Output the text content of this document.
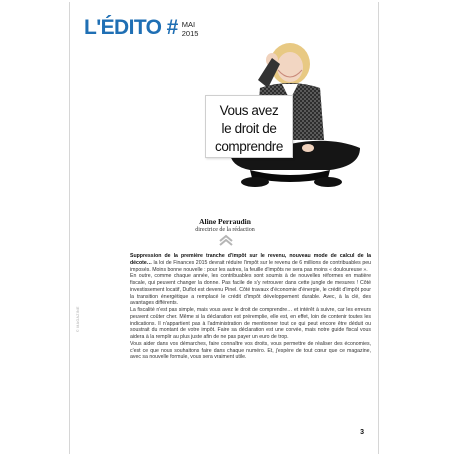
L'ÉDITO # MAI
2015
Vous avez
le droit de
comprendre
Aline Perraudin
directrice de la rédaction

Suppression de la première tranche d'impôt sur le revenu, nouveau mode de calcul de la décote… la loi de Finances 2015 devrait réduire l'impôt sur le revenu de 6 millions de contribuables peu imposés. Moins bonne nouvelle : pour les autres, la feuille d'impôts ne sera pas moins « douloureuse ».

En outre, comme chaque année, les contribuables sont soumis à de nouvelles réformes en matière fiscale, qui peuvent changer la donne. Pas facile de s'y retrouver dans cette jungle de mesures ! Côté investissement locatif, Duflot est devenu Pinel. Côté travaux d'économie d'énergie, le crédit d'impôt pour la transition énergétique a remplacé le crédit d'impôt développement durable. Avec, à la clé, des avantages différents.

La fiscalité n'est pas simple, mais vous avez le droit de comprendre… et intérêt à suivre, car les erreurs peuvent coûter cher. Même si la déclaration est préremplie, elle est, en effet, loin de contenir toutes les indications. Il n'appartient pas à l'administration de mentionner tout ce qui peut encore être déduit ou soustrait du montant de votre impôt. Faire sa déclaration est une corvée, mais notre guide fiscal vous aidera à la remplir au plus juste afin de ne pas payer un euro de trop.

Vous aider dans vos démarches, faire connaître vos droits, vous permettre de réaliser des économies, c'est ce que nous souhaitons faire dans chaque numéro. Et, j'espère de tout cœur que ce magazine, avec sa nouvelle formule, vous sera vraiment utile.

© MAGAZINE
3
